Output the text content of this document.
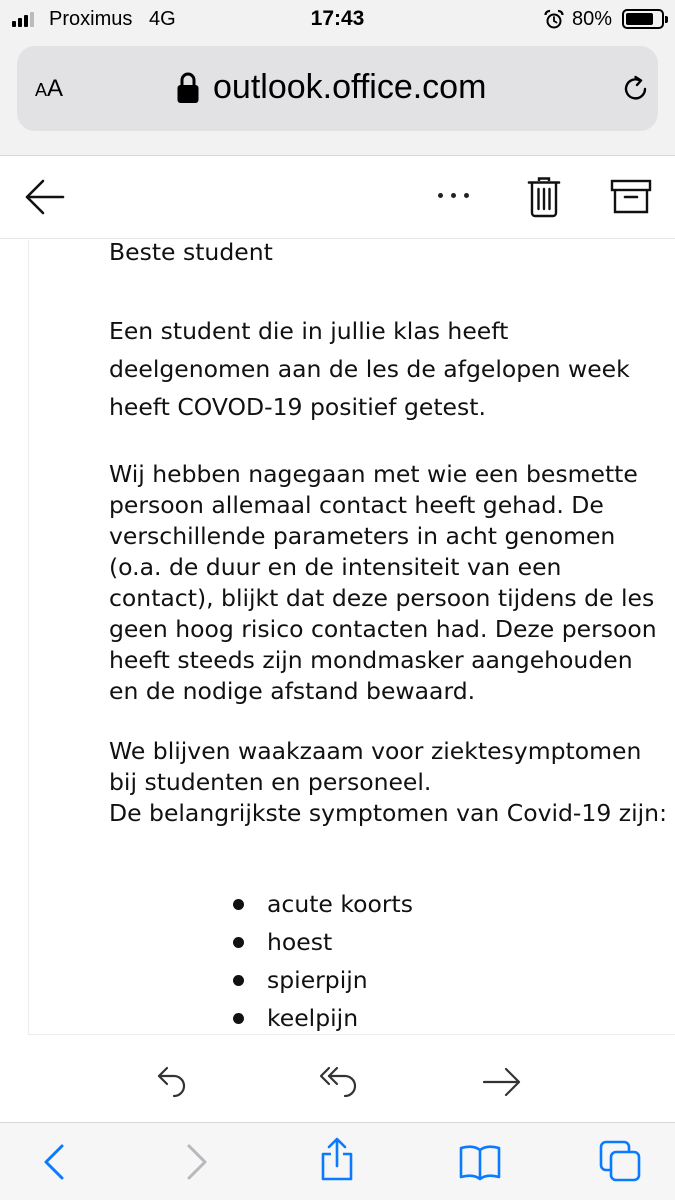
Proximus 4G	17:43	80%
A A	outlook.office.com

Beste student

Een student die in jullie klas heeft deelgenomen aan de les de afgelopen week heeft COVOD-19 positief getest.

Wij hebben nagegaan met wie een besmette persoon allemaal contact heeft gehad. De verschillende parameters in acht genomen (o.a. de duur en de intensiteit van een contact), blijkt dat deze persoon tijdens de les geen hoog risico contacten had. Deze persoon heeft steeds zijn mondmasker aangehouden en de nodige afstand bewaard.

We blijven waakzaam voor ziektesymptomen bij studenten en personeel.

De belangrijkste symptomen van Covid-19 zijn:

acute koorts
hoest
spierpijn
keelpijn
